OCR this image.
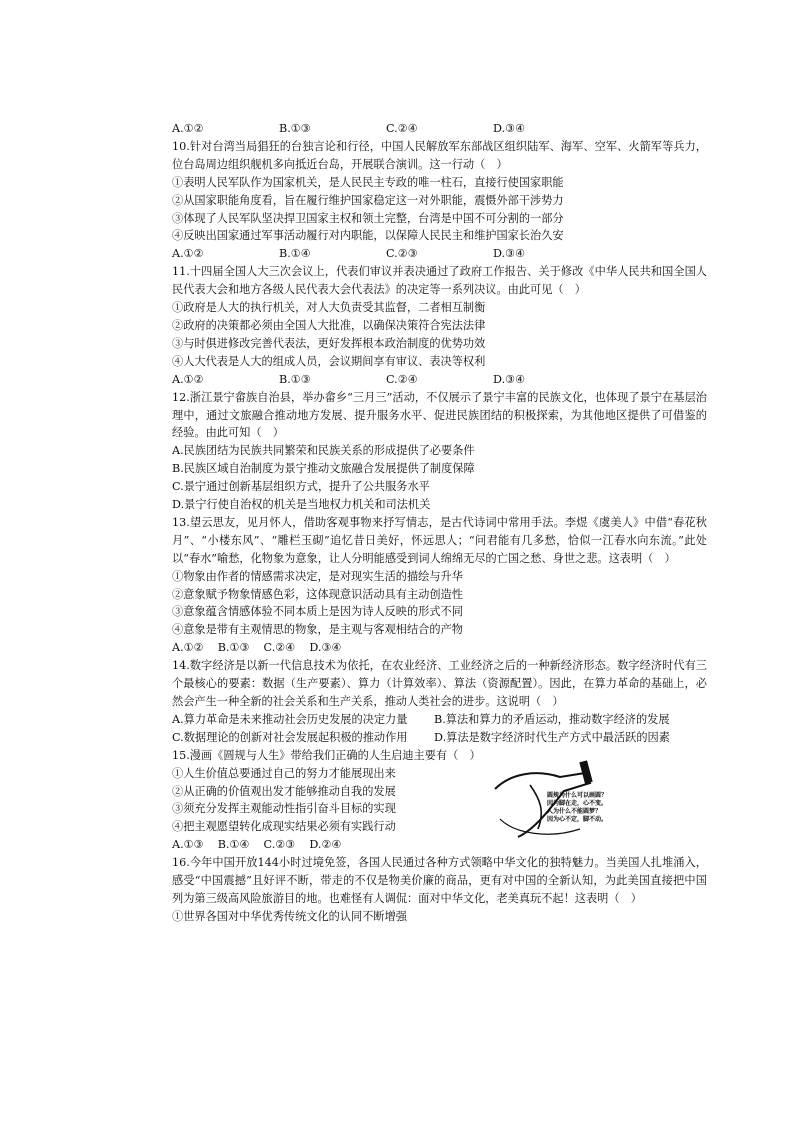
A.①②	B.①③	C.②④	D.③④
10.针对台湾当局猖狂的台独言论和行径，中国人民解放军东部战区组织陆军、海军、空军、火箭军等兵力，位台岛周边组织舰机多向抵近台岛，开展联合演训。这一行动（　）
①表明人民军队作为国家机关，是人民民主专政的唯一柱石，直接行使国家职能
②从国家职能角度看，旨在履行维护国家稳定这一对外职能，震慑外部干涉势力
③体现了人民军队坚决捍卫国家主权和领土完整，台湾是中国不可分割的一部分
④反映出国家通过军事活动履行对内职能，以保障人民民主和维护国家长治久安
A.①②	B.①④	C.②③	D.③④
11.十四届全国人大三次会议上，代表们审议并表决通过了政府工作报告、关于修改《中华人民共和国全国人民代表大会和地方各级人民代表大会代表法》的决定等一系列决议。由此可见（　）
①政府是人大的执行机关，对人大负责受其监督，二者相互制衡
②政府的决策都必须由全国人大批准，以确保决策符合宪法法律
③与时俱进修改完善代表法，更好发挥根本政治制度的优势功效
④人大代表是人大的组成人员，会议期间享有审议、表决等权利
A.①②	B.①③	C.②④	D.③④
12.浙江景宁畲族自治县，举办畲乡“三月三”活动，不仅展示了景宁丰富的民族文化，也体现了景宁在基层治理中，通过文旅融合推动地方发展、提升服务水平、促进民族团结的积极探索，为其他地区提供了可借鉴的经验。由此可知（　）
A.民族团结为民族共同繁荣和民族关系的形成提供了必要条件
B.民族区域自治制度为景宁推动文旅融合发展提供了制度保障
C.景宁通过创新基层组织方式，提升了公共服务水平
D.景宁行使自治权的机关是当地权力机关和司法机关
13.望云思友，见月怀人，借助客观事物来抒写情志，是古代诗词中常用手法。李煜《虞美人》中借“春花秋月”、“小楼东风”、“雕栏玉砌”追忆昔日美好，怀远思人；“问君能有几多愁，恰似一江春水向东流。”此处以“春水”喻愁，化物象为意象，让人分明能感受到词人绵绵无尽的亡国之愁、身世之悲。这表明（　）
①物象由作者的情感需求决定，是对现实生活的描绘与升华
②意象赋予物象情感色彩，这体现意识活动具有主动创造性
③意象蕴含情感体验不同本质上是因为诗人反映的形式不同
④意象是带有主观情思的物象，是主观与客观相结合的产物
A.①② B.①③ C.②④ D.③④
14.数字经济是以新一代信息技术为依托，在农业经济、工业经济之后的一种新经济形态。数字经济时代有三个最核心的要素：数据（生产要素）、算力（计算效率）、算法（资源配置）。因此，在算力革命的基础上，必然会产生一种全新的社会关系和生产关系，推动人类社会的进步。这说明（　）
A.算力革命是未来推动社会历史发展的决定力量	B.算法和算力的矛盾运动，推动数字经济的发展
C.数据理论的创新对社会发展起积极的推动作用	D.算法是数字经济时代生产方式中最活跃的因素
15.漫画《圆规与人生》带给我们正确的人生启迪主要有（　）
①人生价值总要通过自己的努力才能展现出来
②从正确的价值观出发才能够推动自我的发展
③须充分发挥主观能动性指引奋斗目标的实现
④把主观愿望转化成现实结果必须有实践行动
A.①③ B.①④ C.②③ D.②④
圆规为什么可以画圆？
因为脚在走，心不变。
人为什么不能圆梦？
因为心不定，脚不动。
16.今年中国开放144小时过境免签，各国人民通过各种方式领略中华文化的独特魅力。当美国人扎堆涌入，感受“中国震撼”且好评不断，带走的不仅是物美价廉的商品，更有对中国的全新认知，为此美国直接把中国列为第三级高风险旅游目的地。也难怪有人调侃：面对中华文化，老美真玩不起！这表明（　）
①世界各国对中华优秀传统文化的认同不断增强
